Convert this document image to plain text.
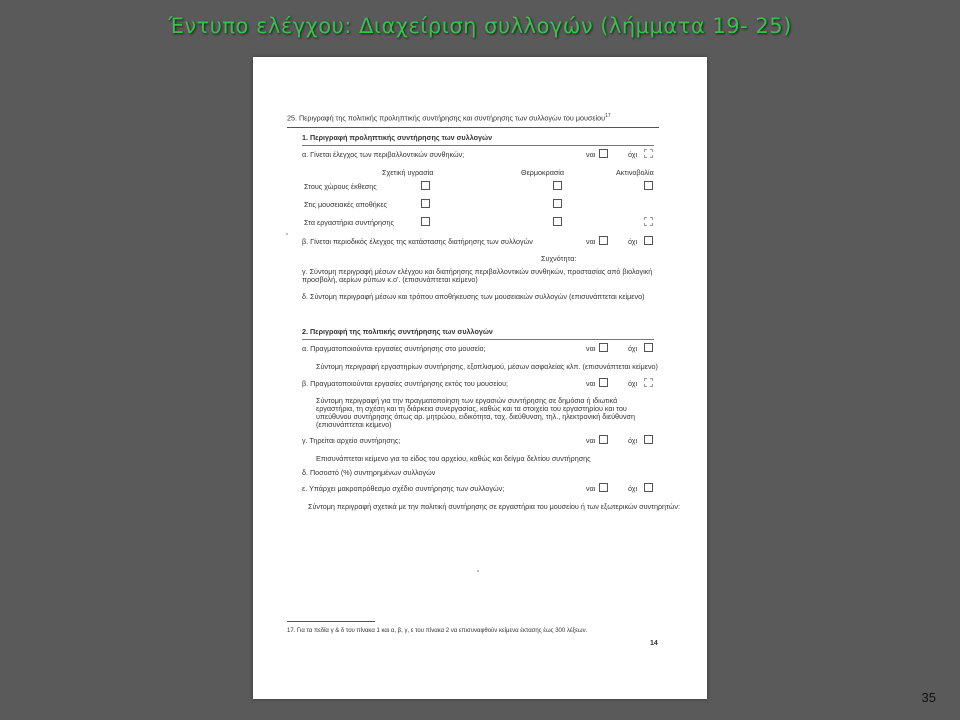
Έντυπο ελέγχου: Διαχείριση συλλογών (λήμματα 19- 25)
25. Περιγραφή της πολιτικής προληπτικής συντήρησης και συντήρησης των συλλογών του μουσείου$^{17}$
1. Περιγραφή προληπτικής συντήρησης των συλλογών
α. Γίνεται έλεγχος των περιβαλλοντικών συνθηκών;	ναι	όχι
Σχετική υγρασία	Θερμοκρασία	Ακτινοβολία
Στους χώρους έκθεσης
Στις μουσειακές αποθήκες
Στα εργαστήρια συντήρησης
β. Γίνεται περιοδικός έλεγχος της κατάστασης διατήρησης των συλλογών	ναι	όχι
Συχνότητα:
γ. Σύντομη περιγραφή μέσων ελέγχου και διατήρησης περιβαλλοντικών συνθηκών, προστασίας από βιολογική προσβολή, αερίων ρύπων κ.ο'. (επισυνάπτεται κείμενο)
δ. Σύντομη περιγραφή μέσων και τρόπου αποθήκευσης των μουσειακών συλλογών (επισυνάπτεται κείμενο)
2. Περιγραφή της πολιτικής συντήρησης των συλλογών
α. Πραγματοποιούνται εργασίες συντήρησης στο μουσείο;	ναι	όχι
Σύντομη περιγραφή εργαστηρίων συντήρησης, εξοπλισμού, μέσων ασφαλείας κλπ. (επισυνάπτεται κείμενο)
β. Πραγματοποιούνται εργασίες συντήρησης εκτός του μουσείου;	ναι	όχι
Σύντομη περιγραφή για την πραγματοποίηση των εργασιών συντήρησης σε δημόσια ή ιδιωτικά εργαστήρια, τη σχέση και τη διάρκεια συνεργασίας, καθώς και τα στοιχεία του εργαστηρίου και του υπεύθυνου συντήρησης όπως αρ. μητρώου, ειδικότητα, ταχ. διεύθυνση, τηλ., ηλεκτρονική διεύθυνση (επισυνάπτεται κείμενο)
γ. Τηρείται αρχείο συντήρησης;	ναι	όχι
Επισυνάπτεται κείμενο για το είδος του αρχείου, καθώς και δείγμα δελτίου συντήρησης
δ. Ποσοστό (%) συντηρημένων συλλογών
ε. Υπάρχει μακροπρόθεσμο σχέδιο συντήρησης των συλλογών;	ναι	όχι
Σύντομη περιγραφή σχετικά με την πολιτική συντήρησης σε εργαστήρια του μουσείου ή των εξωτερικών συντηρητών:
17. Για τα πεδία γ & δ του πίνακα 1 και α, β, γ, ε του πίνακα 2 να επισυναφθούν κείμενα έκτασης έως 300 λέξεων.
14
35
